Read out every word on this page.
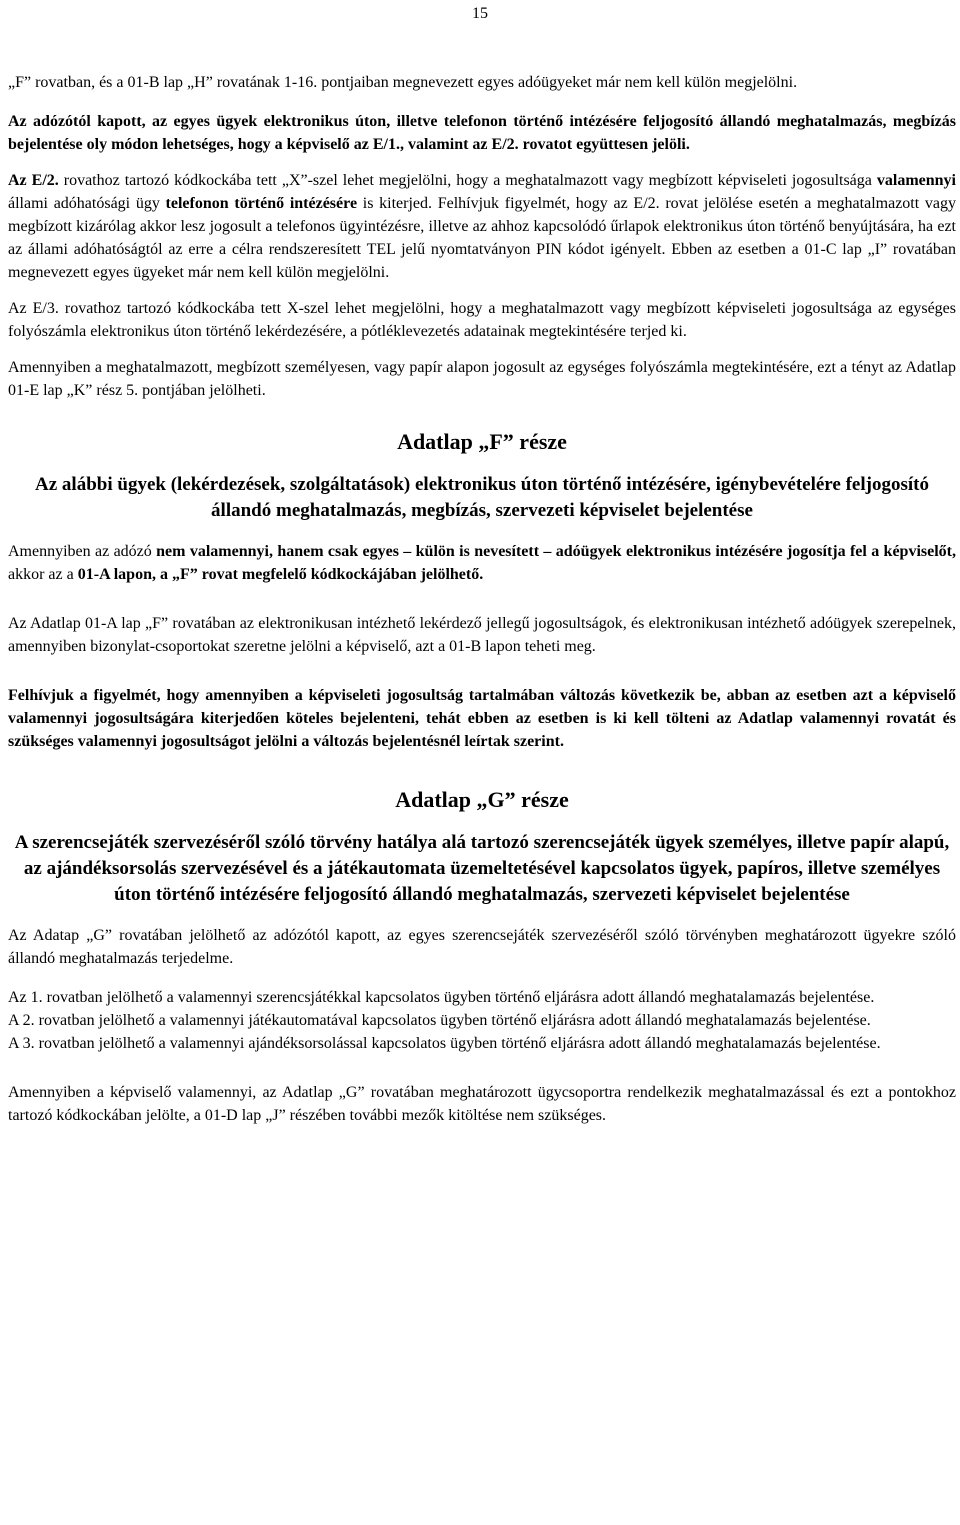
15

„F” rovatban, és a 01-B lap „H” rovatának 1-16. pontjaiban megnevezett egyes adóügyeket már nem kell külön megjelölni.

Az adózótól kapott, az egyes ügyek elektronikus úton, illetve telefonon történő intézésére feljogosító állandó meghatalmazás, megbízás bejelentése oly módon lehetséges, hogy a képviselő az E/1., valamint az E/2. rovatot együttesen jelöli.

Az E/2. rovathoz tartozó kódkockába tett „X”-szel lehet megjelölni, hogy a meghatalmazott vagy megbízott képviseleti jogosultsága valamennyi állami adóhatósági ügy telefonon történő intézésére is kiterjed. Felhívjuk figyelmét, hogy az E/2. rovat jelölése esetén a meghatalmazott vagy megbízott kizárólag akkor lesz jogosult a telefonos ügyintézésre, illetve az ahhoz kapcsolódó űrlapok elektronikus úton történő benyújtására, ha ezt az állami adóhatóságtól az erre a célra rendszeresített TEL jelű nyomtatványon PIN kódot igényelt. Ebben az esetben a 01-C lap „I” rovatában megnevezett egyes ügyeket már nem kell külön megjelölni.

Az E/3. rovathoz tartozó kódkockába tett X-szel lehet megjelölni, hogy a meghatalmazott vagy megbízott képviseleti jogosultsága az egységes folyószámla elektronikus úton történő lekérdezésére, a pótléklevezetés adatainak megtekintésére terjed ki.

Amennyiben a meghatalmazott, megbízott személyesen, vagy papír alapon jogosult az egységes folyószámla megtekintésére, ezt a tényt az Adatlap 01-E lap „K” rész 5. pontjában jelölheti.

Adatlap „F” része
Az alábbi ügyek (lekérdezések, szolgáltatások) elektronikus úton történő intézésére, igénybevételére feljogosító állandó meghatalmazás, megbízás, szervezeti képviselet bejelentése

Amennyiben az adózó nem valamennyi, hanem csak egyes – külön is nevesített – adóügyek elektronikus intézésére jogosítja fel a képviselőt, akkor az a 01-A lapon, a „F” rovat megfelelő kódkockájában jelölhető.

Az Adatlap 01-A lap „F” rovatában az elektronikusan intézhető lekérdező jellegű jogosultságok, és elektronikusan intézhető adóügyek szerepelnek, amennyiben bizonylat-csoportokat szeretne jelölni a képviselő, azt a 01-B lapon teheti meg.

Felhívjuk a figyelmét, hogy amennyiben a képviseleti jogosultság tartalmában változás következik be, abban az esetben azt a képviselő valamennyi jogosultságára kiterjedően köteles bejelenteni, tehát ebben az esetben is ki kell tölteni az Adatlap valamennyi rovatát és szükséges valamennyi jogosultságot jelölni a változás bejelentésnél leírtak szerint.

Adatlap „G” része
A szerencsejáték szervezéséről szóló törvény hatálya alá tartozó szerencsejáték ügyek személyes, illetve papír alapú, az ajándéksorsolás szervezésével és a játékautomata üzemeltetésével kapcsolatos ügyek, papíros, illetve személyes úton történő intézésére feljogosító állandó meghatalmazás, szervezeti képviselet bejelentése

Az Adatap „G” rovatában jelölhető az adózótól kapott, az egyes szerencsejáték szervezéséről szóló törvényben meghatározott ügyekre szóló állandó meghatalmazás terjedelme.

Az 1. rovatban jelölhető a valamennyi szerencsjátékkal kapcsolatos ügyben történő eljárásra adott állandó meghatalamazás bejelentése.

A 2. rovatban jelölhető a valamennyi játékautomatával kapcsolatos ügyben történő eljárásra adott állandó meghatalamazás bejelentése.

A 3. rovatban jelölhető a valamennyi ajándéksorsolással kapcsolatos ügyben történő eljárásra adott állandó meghatalamazás bejelentése.

Amennyiben a képviselő valamennyi, az Adatlap „G” rovatában meghatározott ügycsoportra rendelkezik meghatalmazással és ezt a pontokhoz tartozó kódkockában jelölte, a 01-D lap „J” részében további mezők kitöltése nem szükséges.
